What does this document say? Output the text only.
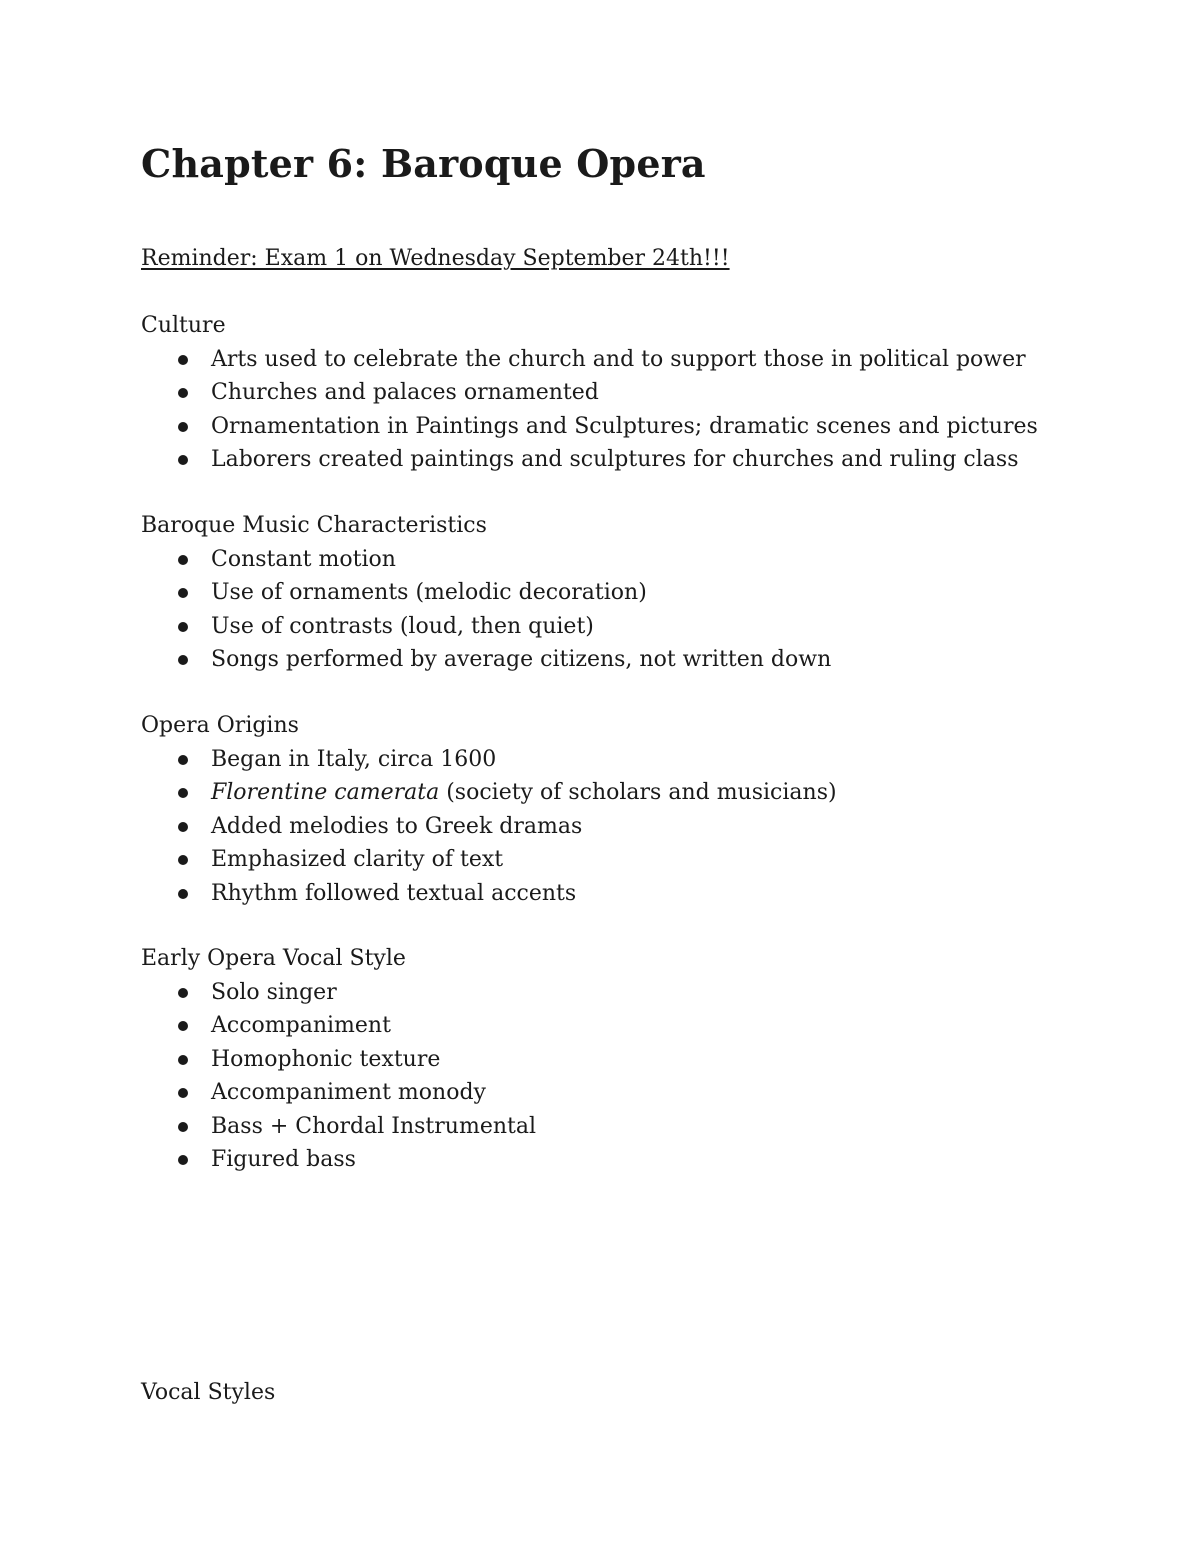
Chapter 6: Baroque Opera

Reminder: Exam 1 on Wednesday September 24th!!!

Culture

Arts used to celebrate the church and to support those in political power
Churches and palaces ornamented
Ornamentation in Paintings and Sculptures; dramatic scenes and pictures
Laborers created paintings and sculptures for churches and ruling class

Baroque Music Characteristics

Constant motion
Use of ornaments (melodic decoration)
Use of contrasts (loud, then quiet)
Songs performed by average citizens, not written down

Opera Origins

Began in Italy, circa 1600
Florentine camerata (society of scholars and musicians)
Added melodies to Greek dramas
Emphasized clarity of text
Rhythm followed textual accents

Early Opera Vocal Style

Solo singer
Accompaniment
Homophonic texture
Accompaniment monody
Bass + Chordal Instrumental
Figured bass

Vocal Styles
